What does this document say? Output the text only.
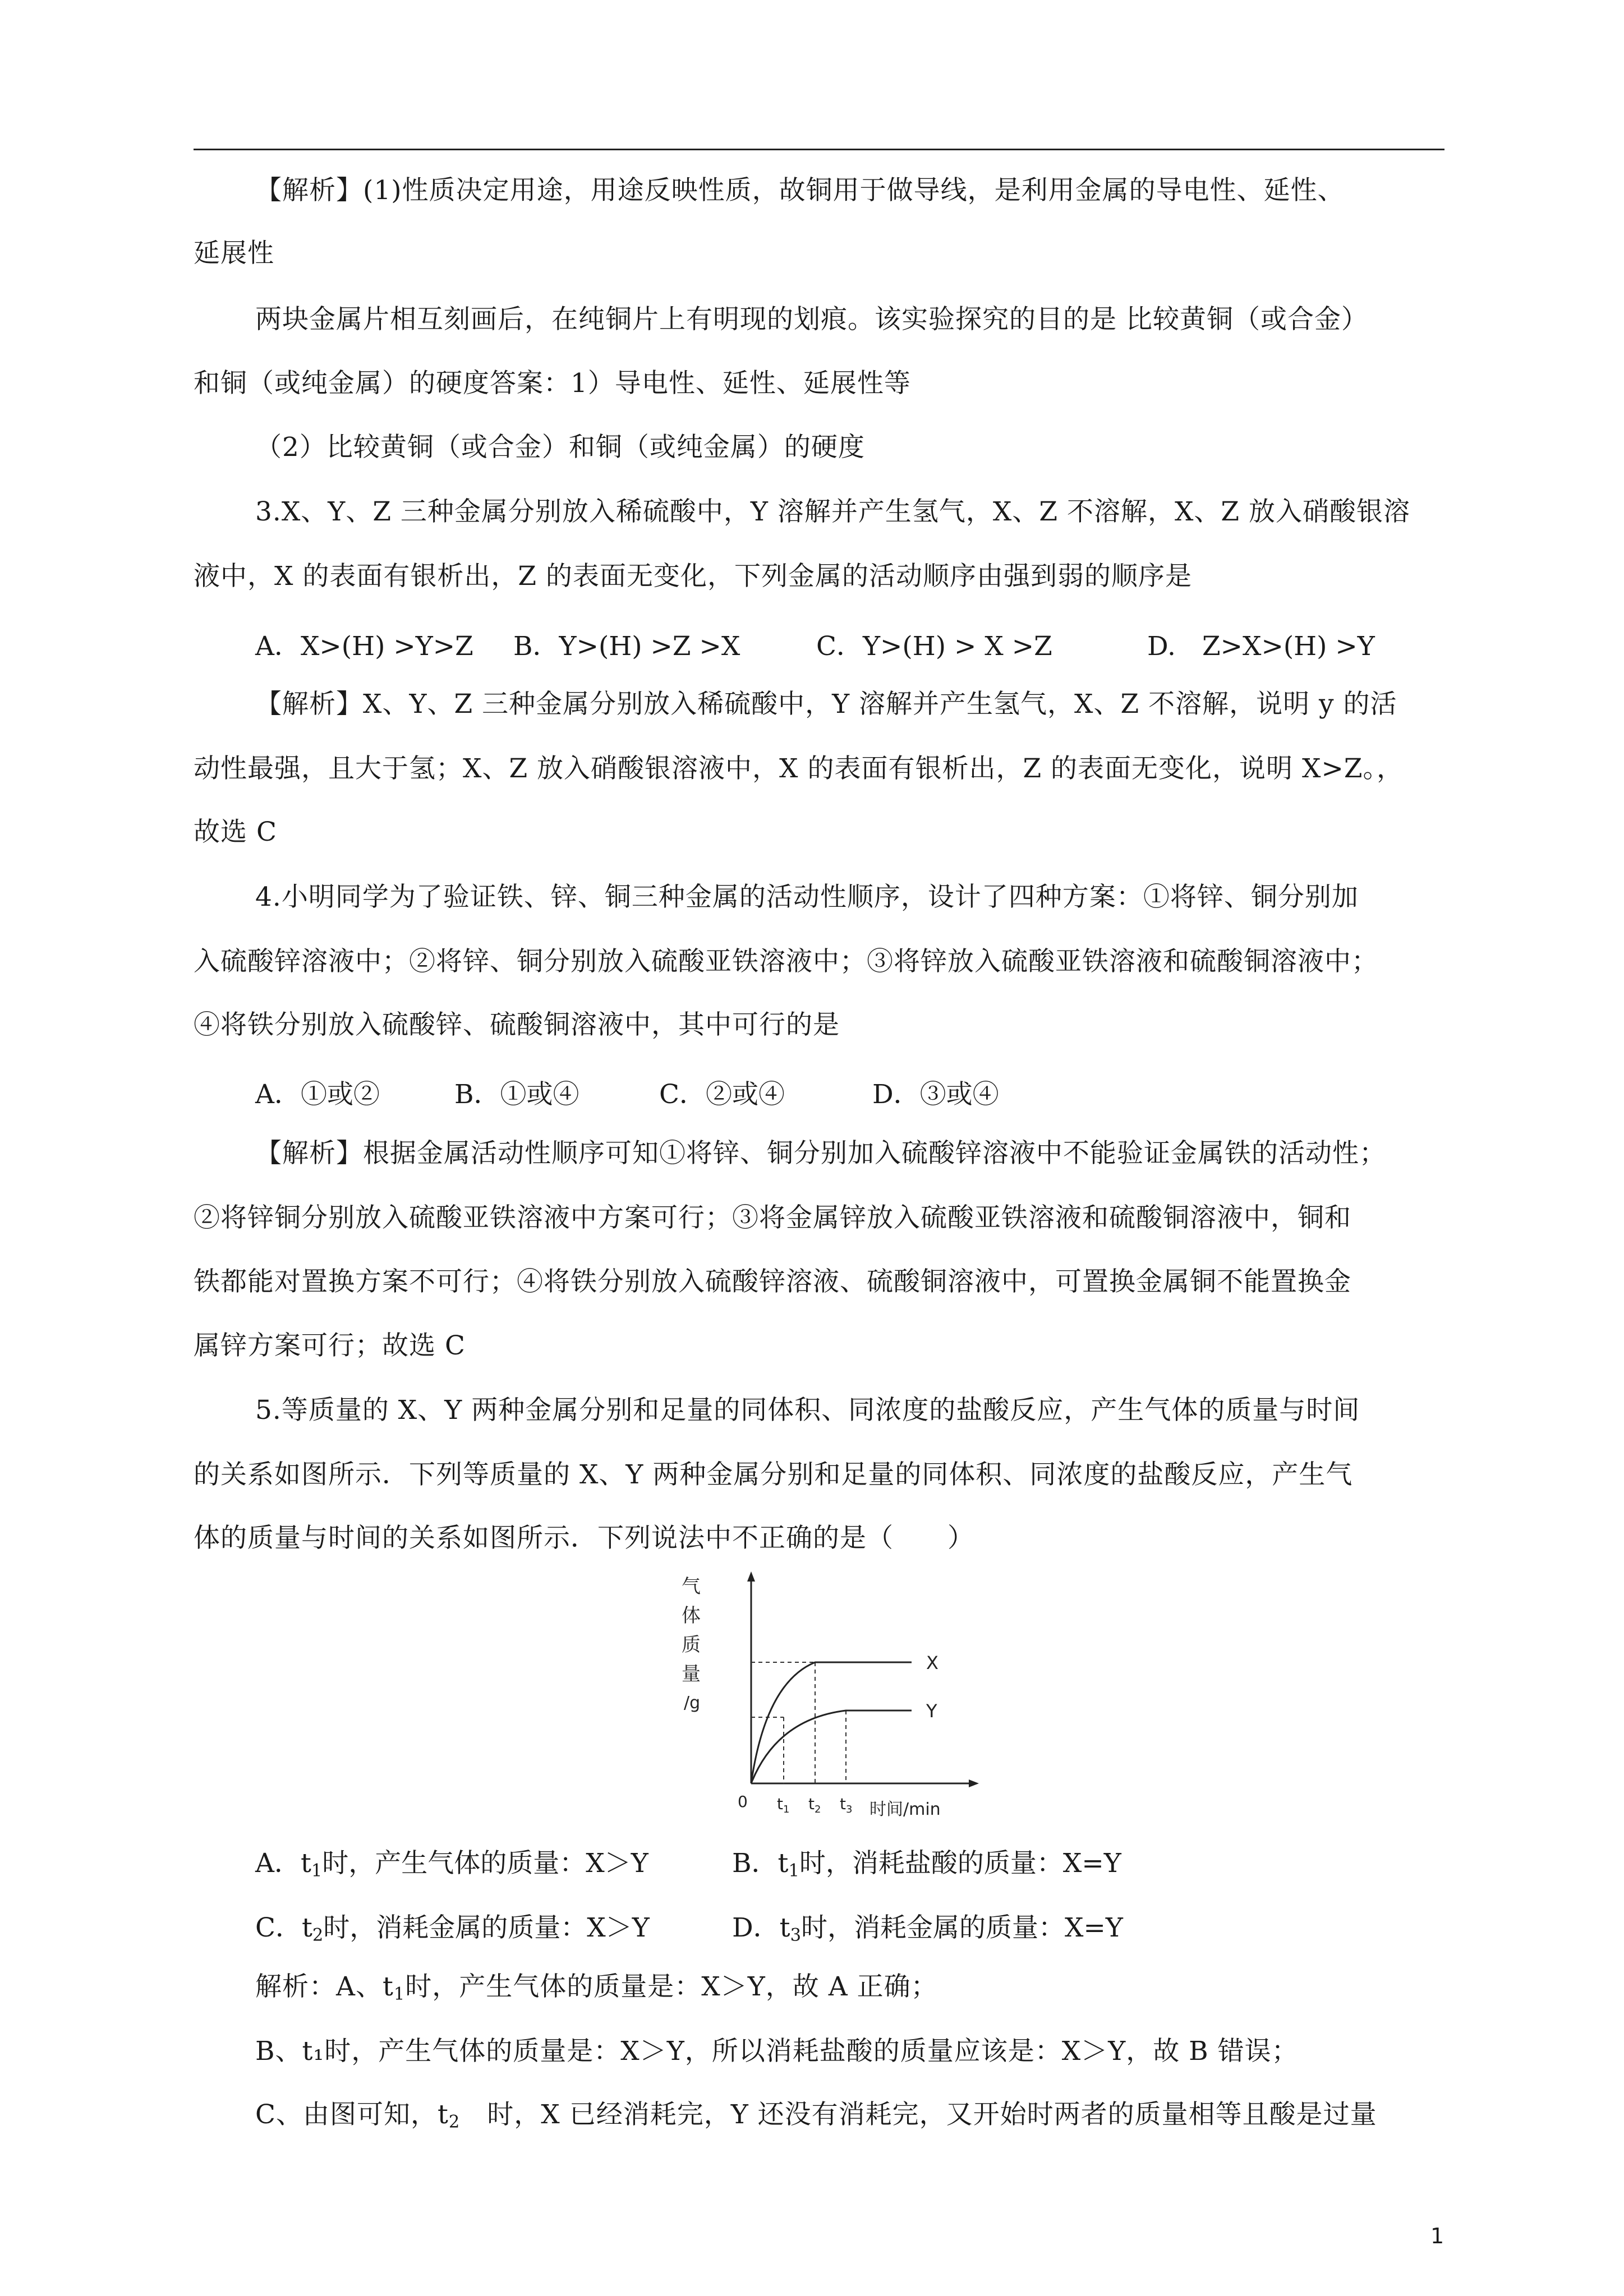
【解析】(1)性质决定用途，用途反映性质，故铜用于做导线，是利用金属的导电性、延性、
延展性
两块金属片相互刻画后，在纯铜片上有明现的划痕。该实验探究的目的是 比较黄铜（或合金）
和铜（或纯金属）的硬度答案：1）导电性、延性、延展性等
（2）比较黄铜（或合金）和铜（或纯金属）的硬度
3.X、Y、Z 三种金属分别放入稀硫酸中，Y 溶解并产生氢气，X、Z 不溶解，X、Z 放入硝酸银溶
液中，X 的表面有银析出，Z 的表面无变化，下列金属的活动顺序由强到弱的顺序是
A．X>(H) >Y>Z B．Y>(H) >Z >X	C．Y>(H) > X >Z	D.　Z>X>(H) >Y
【解析】X、Y、Z 三种金属分别放入稀硫酸中，Y 溶解并产生氢气，X、Z 不溶解，说明 y 的活
动性最强，且大于氢；X、Z 放入硝酸银溶液中，X 的表面有银析出，Z 的表面无变化，说明 X>Z。，
故选 C
4.小明同学为了验证铁、锌、铜三种金属的活动性顺序，设计了四种方案：①将锌、铜分别加
入硫酸锌溶液中；②将锌、铜分别放入硫酸亚铁溶液中；③将锌放入硫酸亚铁溶液和硫酸铜溶液中；
④将铁分别放入硫酸锌、硫酸铜溶液中，其中可行的是
A．①或②	B．①或④	C．②或④	D．③或④
【解析】根据金属活动性顺序可知①将锌、铜分别加入硫酸锌溶液中不能验证金属铁的活动性；
②将锌铜分别放入硫酸亚铁溶液中方案可行；③将金属锌放入硫酸亚铁溶液和硫酸铜溶液中，铜和
铁都能对置换方案不可行；④将铁分别放入硫酸锌溶液、硫酸铜溶液中，可置换金属铜不能置换金
属锌方案可行；故选 C
5.等质量的 X、Y 两种金属分别和足量的同体积、同浓度的盐酸反应，产生气体的质量与时间
的关系如图所示．下列等质量的 X、Y 两种金属分别和足量的同体积、同浓度的盐酸反应，产生气
体的质量与时间的关系如图所示．下列说法中不正确的是（　　）
气
体
质
量
/g
X
Y
0 $t_1$ $t_2$ $t_3$ 时间/min
A．$t_1$时，产生气体的质量：X＞Y	B．$t_1$时，消耗盐酸的质量：X=Y
C．$t_2$时，消耗金属的质量：X＞Y	D．$t_3$时，消耗金属的质量：X=Y
解析：A、$t_1$时，产生气体的质量是：X＞Y，故 A 正确；
B、t₁时，产生气体的质量是：X＞Y，所以消耗盐酸的质量应该是：X＞Y，故 B 错误；
C、由图可知，$t_2$　时，X 已经消耗完，Y 还没有消耗完，又开始时两者的质量相等且酸是过量
1
